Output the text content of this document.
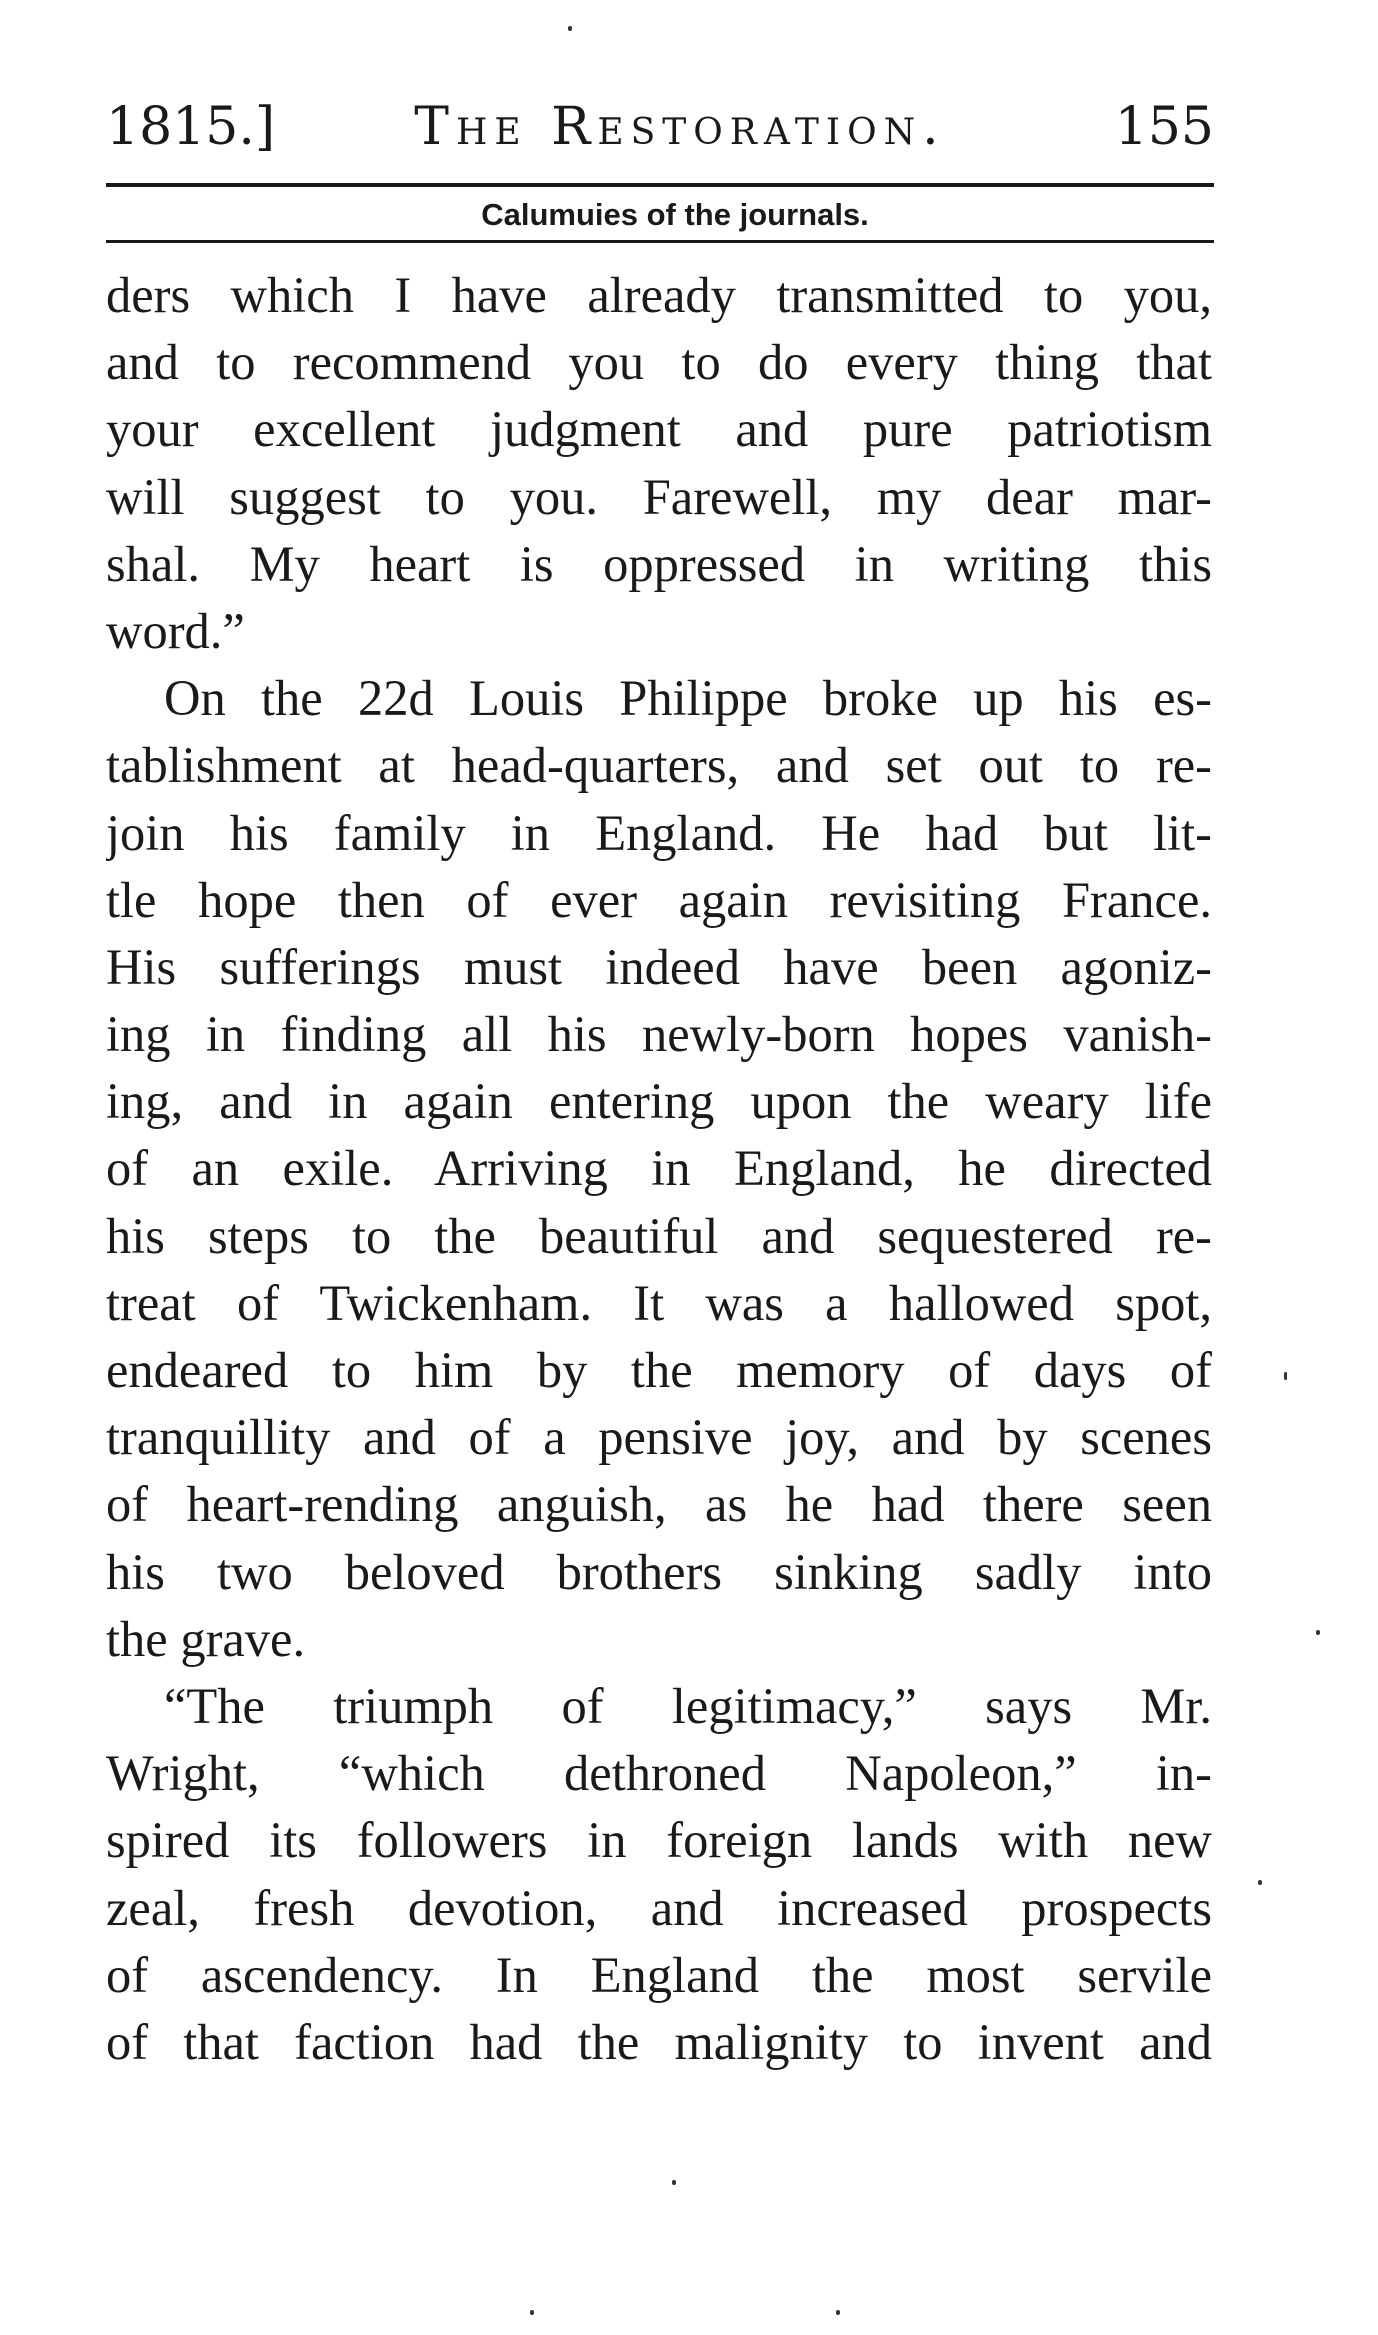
1815.]	The Restoration.	155
Calumuies of the journals.
ders which I have already transmitted to you,
and to recommend you to do every thing that
your excellent judgment and pure patriotism
will suggest to you. Farewell, my dear mar-
shal. My heart is oppressed in writing this
word.”
On the 22d Louis Philippe broke up his es-
tablishment at head-quarters, and set out to re-
join his family in England. He had but lit-
tle hope then of ever again revisiting France.
His sufferings must indeed have been agoniz-
ing in finding all his newly-born hopes vanish-
ing, and in again entering upon the weary life
of an exile. Arriving in England, he directed
his steps to the beautiful and sequestered re-
treat of Twickenham. It was a hallowed spot,
endeared to him by the memory of days of
tranquillity and of a pensive joy, and by scenes
of heart-rending anguish, as he had there seen
his two beloved brothers sinking sadly into
the grave.
“The triumph of legitimacy,” says Mr.
Wright, “which dethroned Napoleon,” in-
spired its followers in foreign lands with new
zeal, fresh devotion, and increased prospects
of ascendency. In England the most servile
of that faction had the malignity to invent and
